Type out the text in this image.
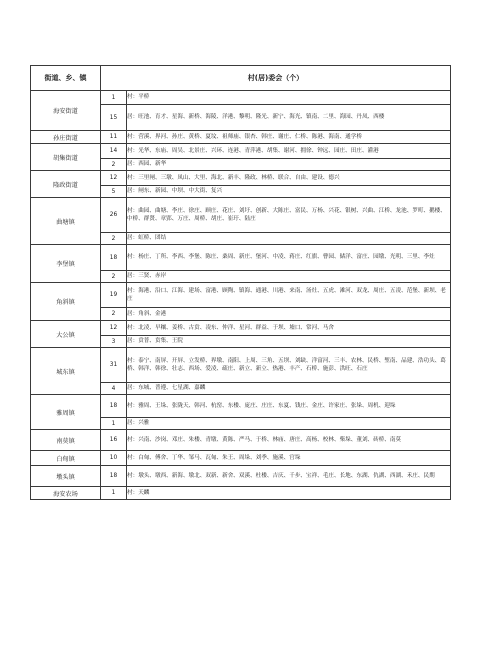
街道、乡、镇	村(居)委会（个）	
海安街道	1	村：平桥
	15	居：旺池、育才、星海、新桥、海陵、洋港、黎明、隆光、新宁、海光、镇南、二里、海园、丹凤、西楼
孙庄街道	11	村：营溪、界河、孙庄、黄桥、夏坟、祖师庙、银杏、韩庄、谢庄、仁桥、陈港、海南、通学桥
胡集街道	14	村：光华、东庙、周吴、北景庄、兴环、连港、青萍港、胡集、谢河、拥徐、钟远、园庄、田庄、灌港
	2	居：西园、新华
隆政街道	12	村：三里闸、三墩、凤山、大里、海北、新丰、隆政、林桥、联合、自由、建设、德兴
	5	居：闸东、新园、中坝、中大街、复兴
曲塘镇	26	村：曲园、曲塘、李庄、徐庄、顾庄、花庄、刘圩、创新、大陈庄、富民、万杨、兴花、银树、兴曲、江桥、龙池、罗町、鹅楼、中桥、群贤、章郢、万庄、周桥、胡庄、崔玗、陆庄
	2	居：虹桥、团结
李堡镇	18	村：杨庄、丁所、李西、李堡、陈庄、桑周、新庄、堡河、中凌、蒋庄、红旗、曹园、储洋、富庄、园墩、光明、三里、李灶
	2	居：三贤、赤岸
角斜镇	19	村：海港、沿口、江海、建场、富港、顾陶、镇海、通港、川港、来南、汤灶、五虎、滩河、双龙、周庄、五凌、范堡、新坝、老庄
	2	居：角斜、金港
大公镇	12	村：北凌、早穰、姜桥、古贲、凌东、仲洋、星河、群益、于坝、墟口、常河、马舍
	3	居：贲普、贲集、王院
城东镇	31	村：泰宁、南屏、开屏、立发桥、界墩、南阳、上周、三角、五坝、刘缺、洋富河、三丰、农林、民桥、堑南、品建、浩功头、葛桥、韩洋、韩徐、壮志、西场、爱凌、疏庄、新立、新立、热港、丰产、石桥、施彭、洪旺、石庄
	4	居：东城、普遵、七星湖、嘉麟
雅周镇	18	村：雅周、王垛、张陇天、韩河、杭窑、东楼、庞庄、庄庄、东夏、钱庄、金庄、许家庄、张垛、周机、迎垛
	1	居：兴雅
南莫镇	16	村：兴南、沙岗、邓庄、朱楼、青墩、黄陈、严马、于桥、林庙、唐庄、高杨、校林、柴垛、董刘、砖桥、南莫
白甸镇	10	村：白甸、傅舍、丁华、邹马、瓦甸、朱王、周垛、刘季、施溪、官垛
墩头镇	18	村：墩头、墩西、新海、墩北、双新、新舍、双溪、杜楼、吉庆、千步、宝祥、毛庄、长地、东湖、仇湖、西湖、禾庄、民期
海安农场	1	村：天麟
